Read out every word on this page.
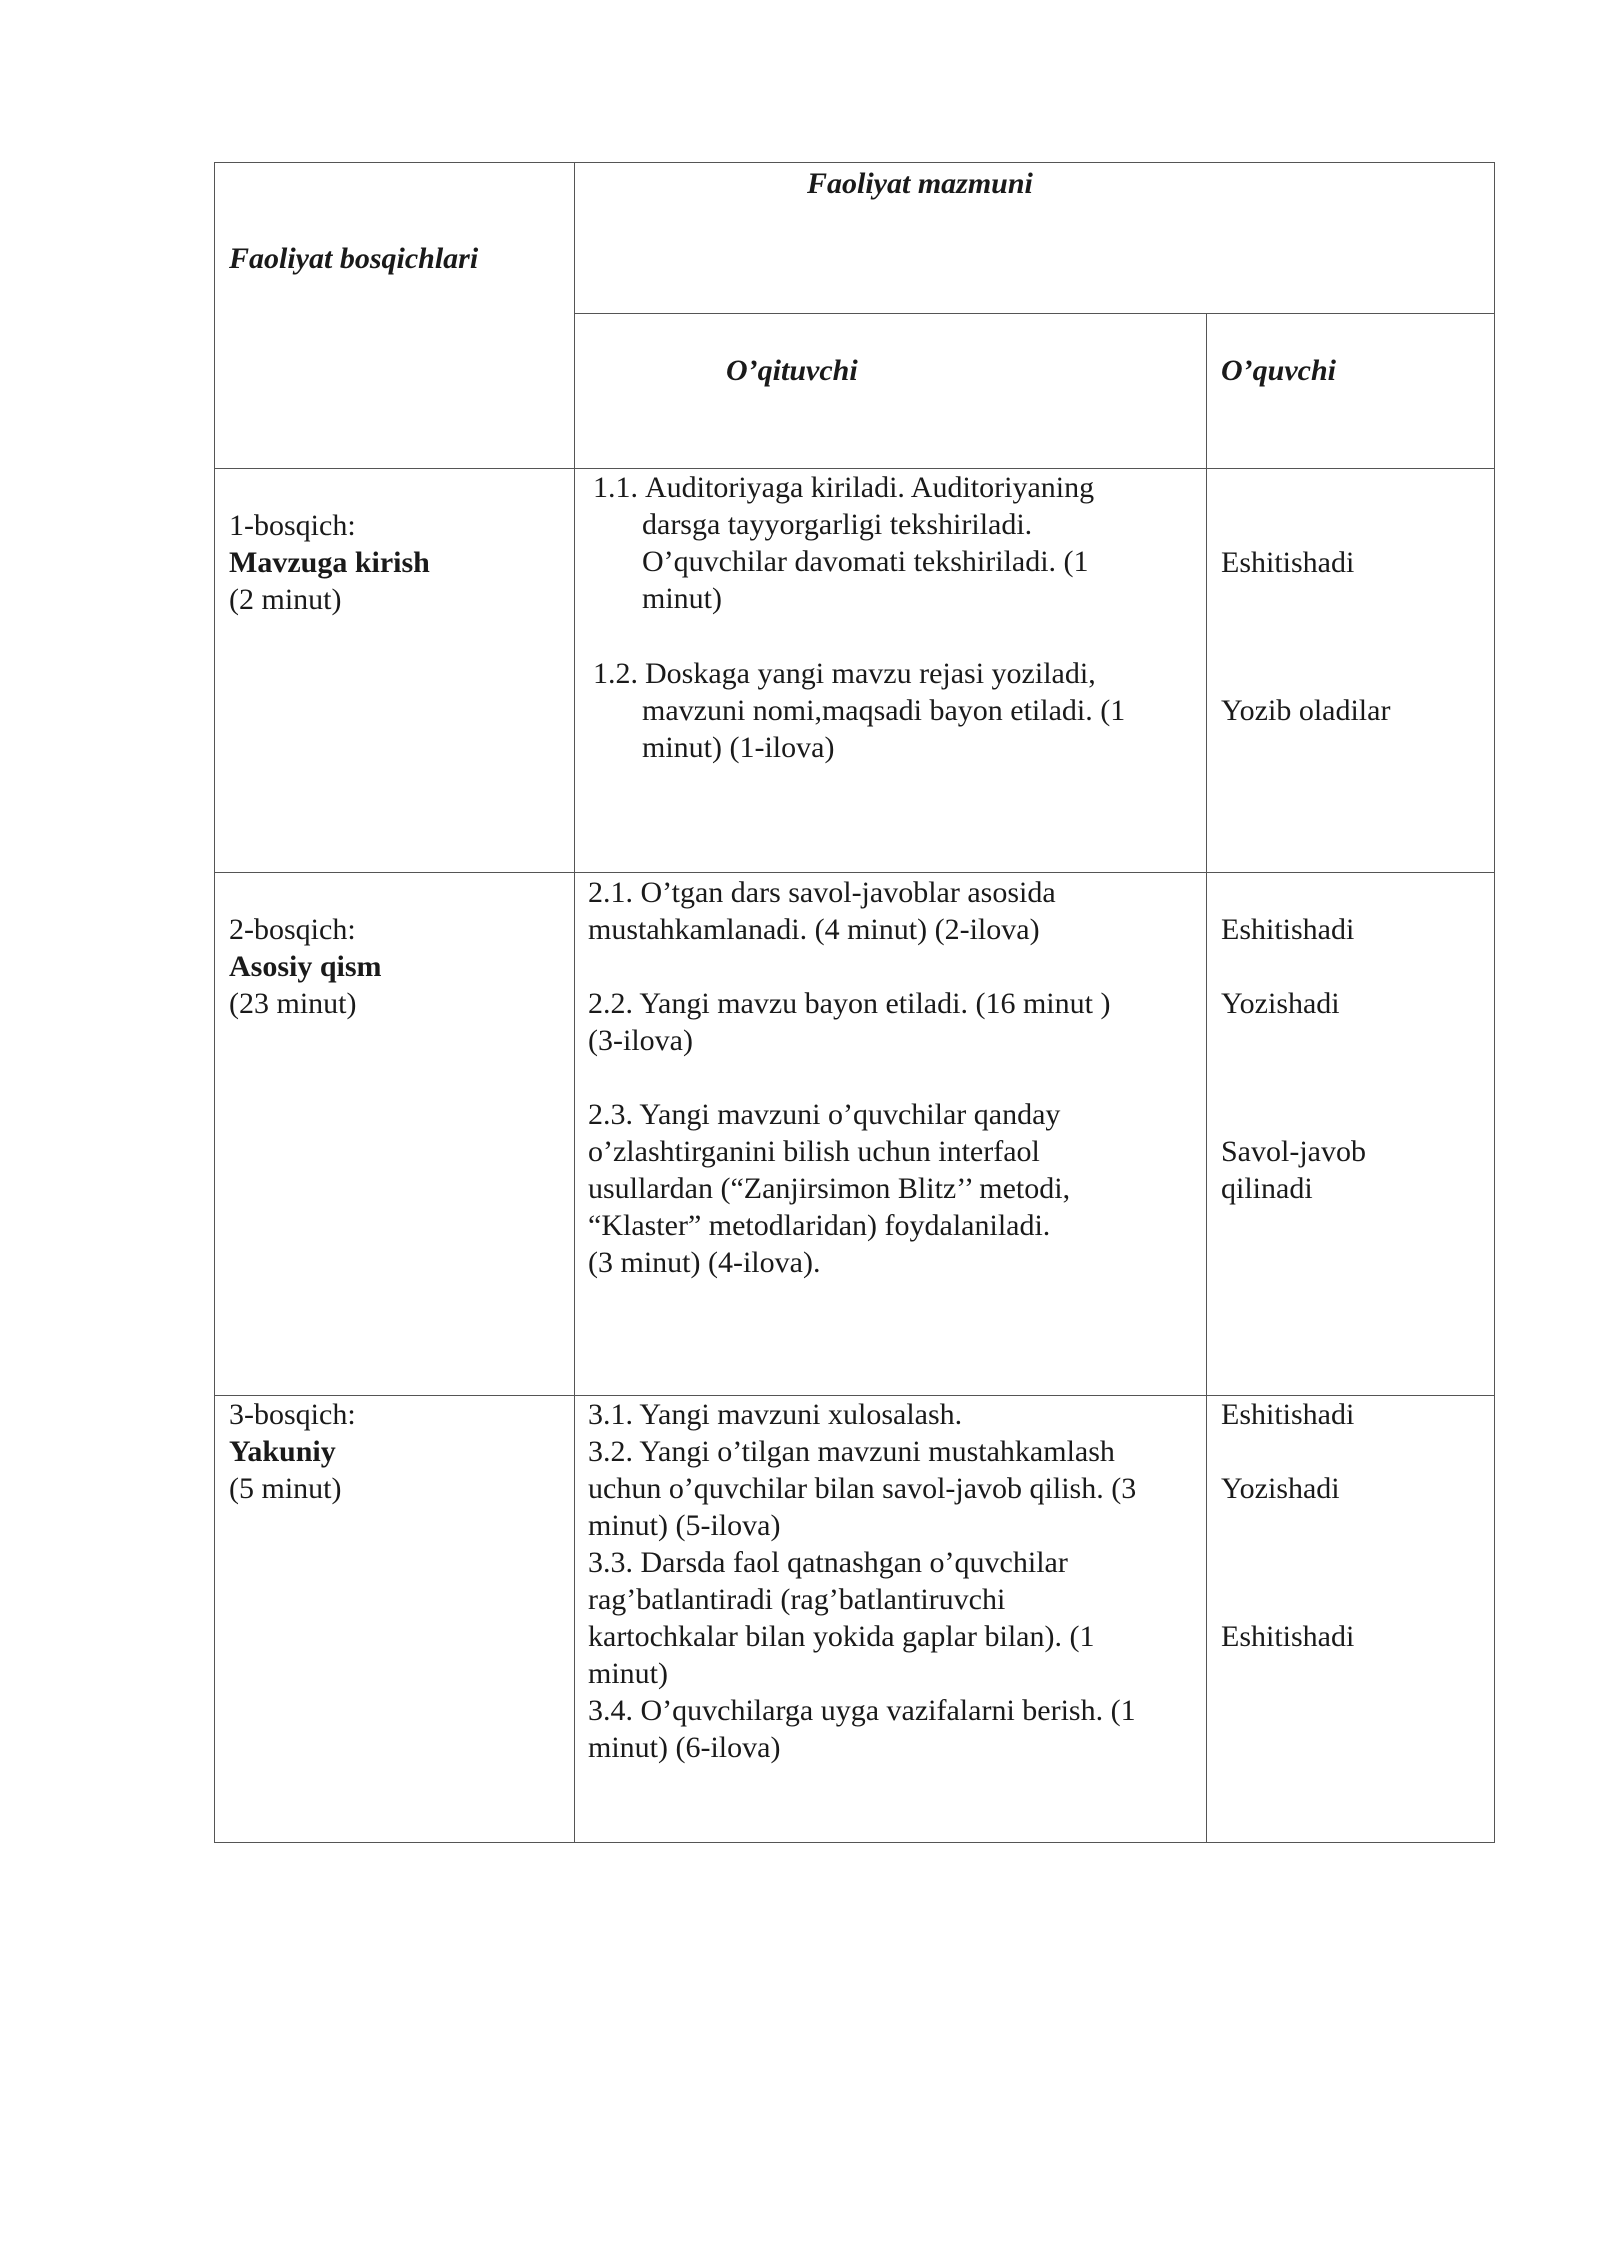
Faoliyat bosqichlari
Faoliyat mazmuni
O’qituvchi	O’quvchi
1-bosqich:
Mavzuga kirish
(2 minut)
1.1. Auditoriyaga kiriladi. Auditoriyaning
darsga tayyorgarligi tekshiriladi.
O’quvchilar davomati tekshiriladi. (1
minut)
1.2. Doskaga yangi mavzu rejasi yoziladi,
mavzuni nomi,maqsadi bayon etiladi. (1
minut) (1-ilova)
Eshitishadi
Yozib oladilar
2-bosqich:
Asosiy qism
(23 minut)
2.1. O’tgan dars savol-javoblar asosida
mustahkamlanadi. (4 minut) (2-ilova)
2.2. Yangi mavzu bayon etiladi. (16 minut )
(3-ilova)
2.3. Yangi mavzuni o’quvchilar qanday
o’zlashtirganini bilish uchun interfaol
usullardan (“Zanjirsimon Blitz’’ metodi,
“Klaster” metodlaridan) foydalaniladi.
(3 minut) (4-ilova).
Eshitishadi
Yozishadi
Savol-javob
qilinadi
3-bosqich:
Yakuniy
(5 minut)
3.1. Yangi mavzuni xulosalash.
3.2. Yangi o’tilgan mavzuni mustahkamlash
uchun o’quvchilar bilan savol-javob qilish. (3
minut) (5-ilova)
3.3. Darsda faol qatnashgan o’quvchilar
rag’batlantiradi (rag’batlantiruvchi
kartochkalar bilan yokida gaplar bilan). (1
minut)
3.4. O’quvchilarga uyga vazifalarni berish. (1
minut) (6-ilova)
Eshitishadi
Yozishadi
Eshitishadi
